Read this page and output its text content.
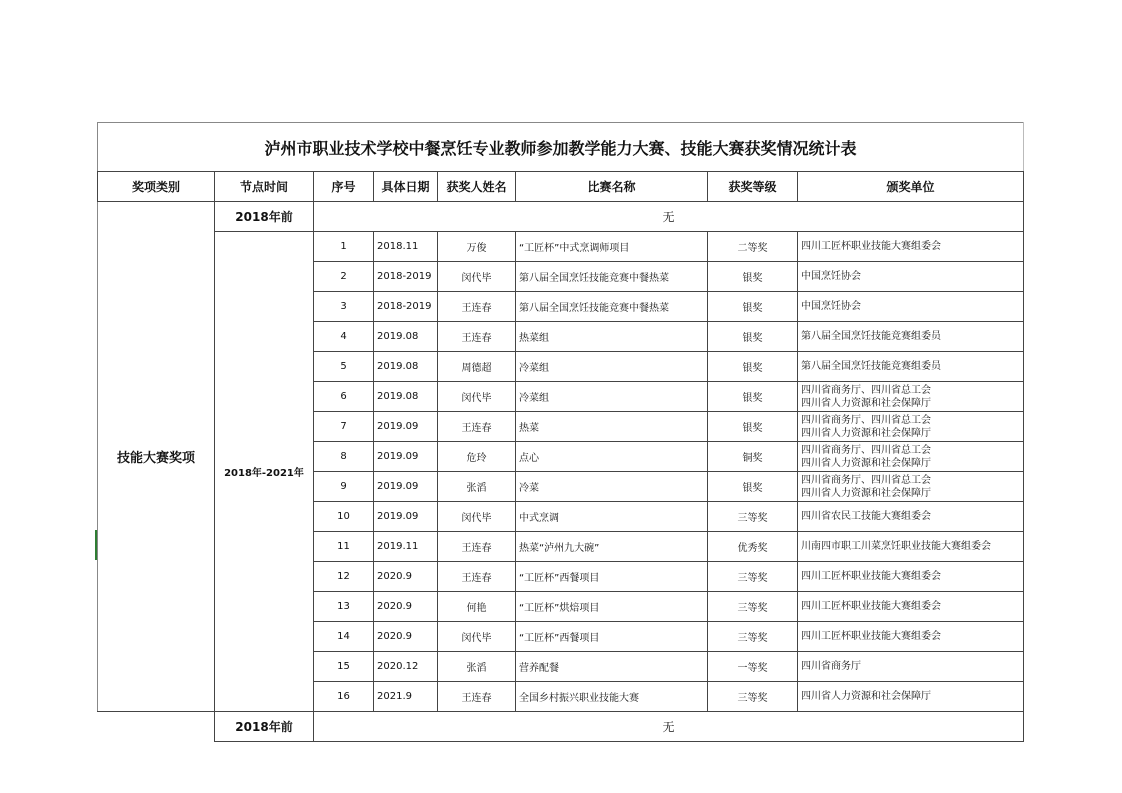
泸州市职业技术学校中餐烹饪专业教师参加教学能力大赛、技能大赛获奖情况统计表							
奖项类别	节点时间	序号	具体日期	获奖人姓名	比赛名称	获奖等级	颁奖单位
技能大赛奖项	2018年前	无					
	2018年-2021年	1	2018.11	万俊	“工匠杯”中式烹调师项目	二等奖	四川工匠杯职业技能大赛组委会

		2	2018-2019	闵代毕	第八届全国烹饪技能竞赛中餐热菜	银奖	中国烹饪协会

		3	2018-2019	王连春	第八届全国烹饪技能竞赛中餐热菜	银奖	中国烹饪协会

		4	2019.08	王连春	热菜组	银奖	第八届全国烹饪技能竞赛组委员

		5	2019.08	周德超	冷菜组	银奖	第八届全国烹饪技能竞赛组委员

		6	2019.08	闵代毕	冷菜组	银奖	四川省商务厅、四川省总工会
四川省人力资源和社会保障厅

		7	2019.09	王连春	热菜	银奖	四川省商务厅、四川省总工会
四川省人力资源和社会保障厅

		8	2019.09	危玲	点心	铜奖	四川省商务厅、四川省总工会
四川省人力资源和社会保障厅

		9	2019.09	张滔	冷菜	银奖	四川省商务厅、四川省总工会
四川省人力资源和社会保障厅

		10	2019.09	闵代毕	中式烹调	三等奖	四川省农民工技能大赛组委会

		11	2019.11	王连春	热菜“泸州九大碗”	优秀奖	川南四市职工川菜烹饪职业技能大赛组委会

		12	2020.9	王连春	“工匠杯”西餐项目	三等奖	四川工匠杯职业技能大赛组委会

		13	2020.9	何艳	“工匠杯”烘焙项目	三等奖	四川工匠杯职业技能大赛组委会

		14	2020.9	闵代毕	“工匠杯”西餐项目	三等奖	四川工匠杯职业技能大赛组委会

		15	2020.12	张滔	营养配餐	一等奖	四川省商务厅

		16	2021.9	王连春	全国乡村振兴职业技能大赛	三等奖	四川省人力资源和社会保障厅

	2018年前	无					
